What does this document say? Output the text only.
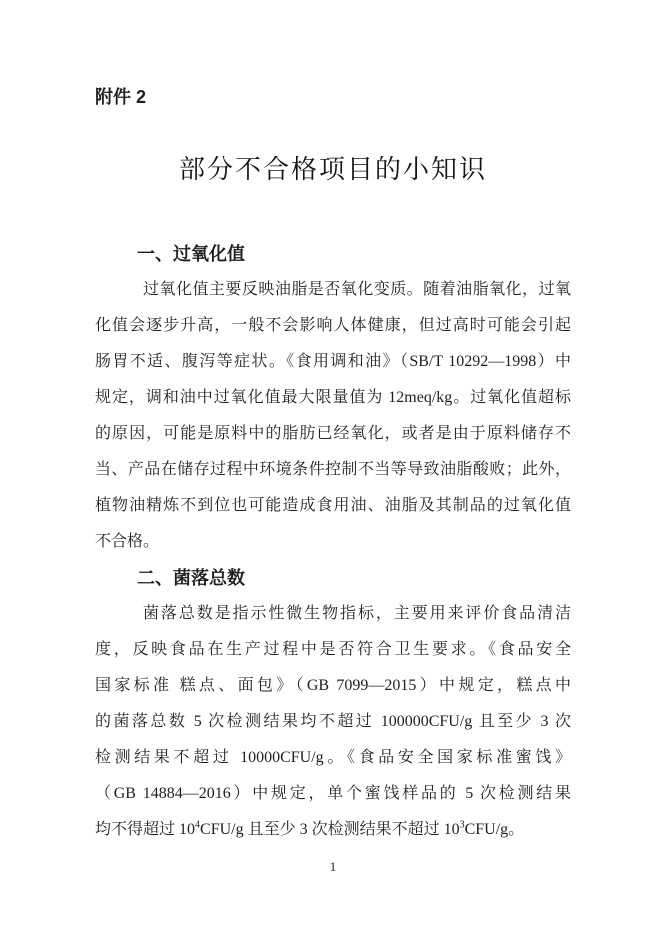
附件 2
部分不合格项目的小知识
一、过氧化值
过氧化值主要反映油脂是否氧化变质。随着油脂氧化，过氧
化值会逐步升高，一般不会影响人体健康，但过高时可能会引起
肠胃不适、腹泻等症状。《食用调和油》（SB/T 10292—1998）中
规定，调和油中过氧化值最大限量值为 12meq/kg。过氧化值超标
的原因，可能是原料中的脂肪已经氧化，或者是由于原料储存不
当、产品在储存过程中环境条件控制不当等导致油脂酸败；此外，
植物油精炼不到位也可能造成食用油、油脂及其制品的过氧化值
不合格。
二、菌落总数
菌落总数是指示性微生物指标，主要用来评价食品清洁
度，反映食品在生产过程中是否符合卫生要求。《食品安全
国家标准 糕点、面包》（GB 7099—2015）中规定，糕点中
的菌落总数 5 次检测结果均不超过 100000CFU/g 且至少 3 次
检测结果不超过 10000CFU/g。《食品安全国家标准蜜饯》
（GB 14884—2016）中规定，单个蜜饯样品的 5 次检测结果
均不得超过 $10^4CFU/g$ 且至少 3 次检测结果不超过 $10^3CFU/g$。
1
